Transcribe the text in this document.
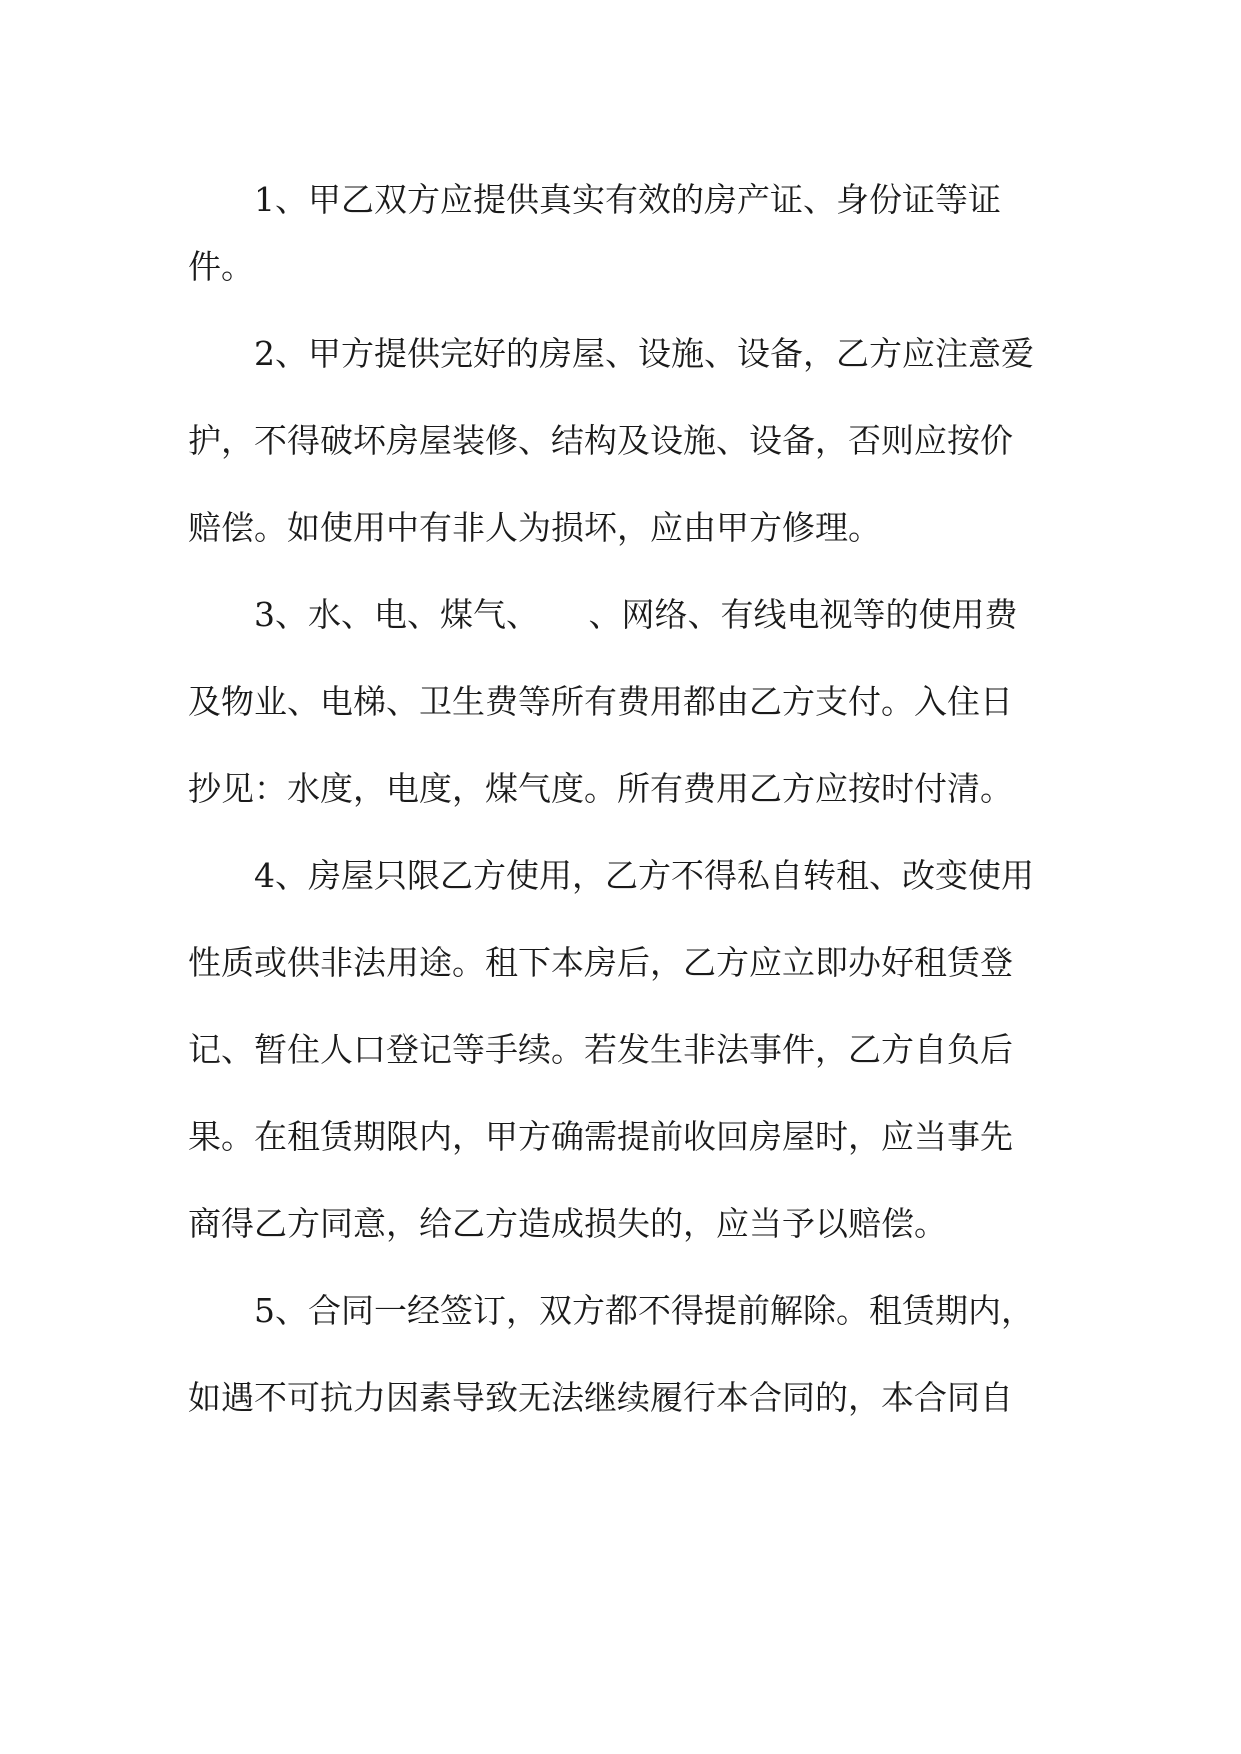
1、甲乙双方应提供真实有效的房产证、身份证等证
件。
2、甲方提供完好的房屋、设施、设备，乙方应注意爱
护，不得破坏房屋装修、结构及设施、设备，否则应按价
赔偿。如使用中有非人为损坏，应由甲方修理。
3、水、电、煤气、　　、网络、有线电视等的使用费
及物业、电梯、卫生费等所有费用都由乙方支付。入住日
抄见：水度，电度，煤气度。所有费用乙方应按时付清。
4、房屋只限乙方使用，乙方不得私自转租、改变使用
性质或供非法用途。租下本房后，乙方应立即办好租赁登
记、暂住人口登记等手续。若发生非法事件，乙方自负后
果。在租赁期限内，甲方确需提前收回房屋时，应当事先
商得乙方同意，给乙方造成损失的，应当予以赔偿。
5、合同一经签订，双方都不得提前解除。租赁期内，
如遇不可抗力因素导致无法继续履行本合同的，本合同自
